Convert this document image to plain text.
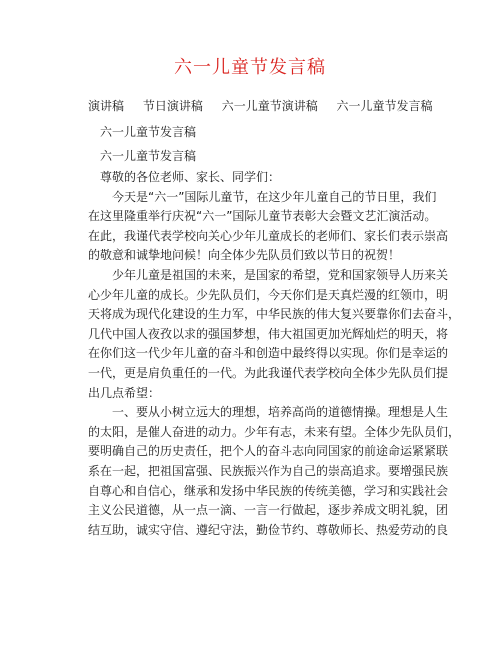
六一儿童节发言稿
演讲稿 节日演讲稿 六一儿童节演讲稿 六一儿童节发言稿
六一儿童节发言稿
六一儿童节发言稿

尊敬的各位老师、家长、同学们：

今天是“六一”国际儿童节，在这少年儿童自己的节日里，我们
在这里隆重举行庆祝“六一”国际儿童节表彰大会暨文艺汇演活动。
在此，我谨代表学校向关心少年儿童成长的老师们、家长们表示崇高
的敬意和诚挚地问候！向全体少先队员们致以节日的祝贺！

少年儿童是祖国的未来，是国家的希望，党和国家领导人历来关
心少年儿童的成长。少先队员们，今天你们是天真烂漫的红领巾，明
天将成为现代化建设的生力军，中华民族的伟大复兴要靠你们去奋斗，
几代中国人夜孜以求的强国梦想，伟大祖国更加光辉灿烂的明天，将
在你们这一代少年儿童的奋斗和创造中最终得以实现。你们是幸运的
一代，更是肩负重任的一代。为此我谨代表学校向全体少先队员们提
出几点希望：

一、要从小树立远大的理想，培养高尚的道德情操。理想是人生
的太阳，是催人奋进的动力。少年有志，未来有望。全体少先队员们，
要明确自己的历史责任，把个人的奋斗志向同国家的前途命运紧紧联
系在一起，把祖国富强、民族振兴作为自己的崇高追求。要增强民族
自尊心和自信心，继承和发扬中华民族的传统美德，学习和实践社会
主义公民道德，从一点一滴、一言一行做起，逐步养成文明礼貌，团
结互助，诚实守信、遵纪守法，勤俭节约、尊敬师长、热爱劳动的良
